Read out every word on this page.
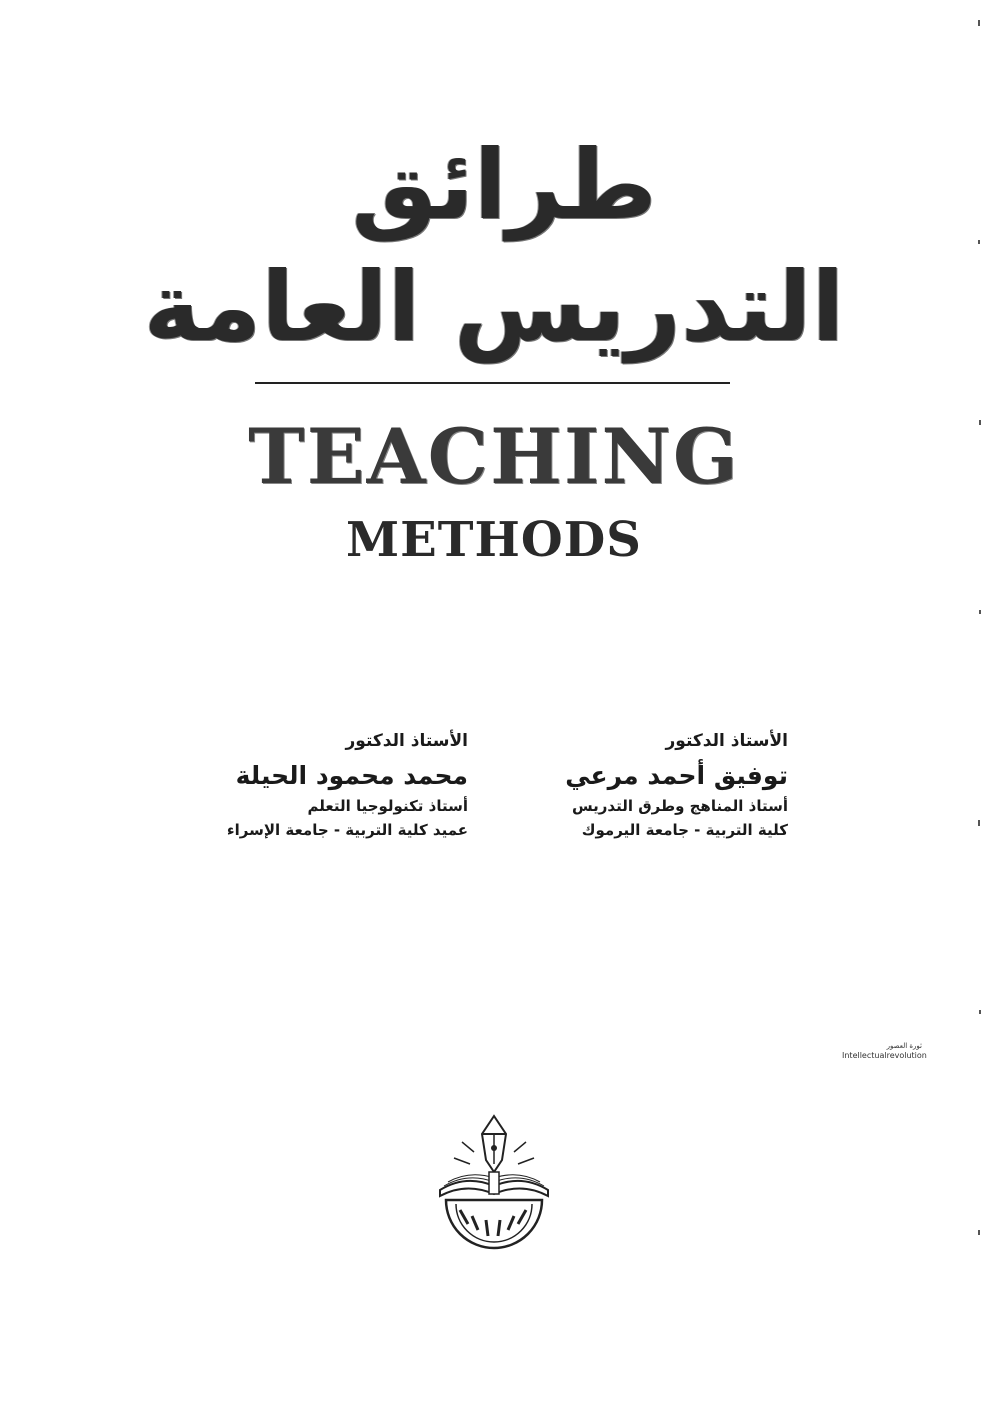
طرائق
التدريس العامة
TEACHING
METHODS
الأستاذ الدكتور
توفيق أحمد مرعي
أستاذ المناهج وطرق التدريس
كلية التربية - جامعة اليرموك
الأستاذ الدكتور
محمد محمود الحيلة
أستاذ تكنولوجيا التعلم
عميد كلية التربية - جامعة الإسراء
ثورة العصور
Intellectualrevolution
